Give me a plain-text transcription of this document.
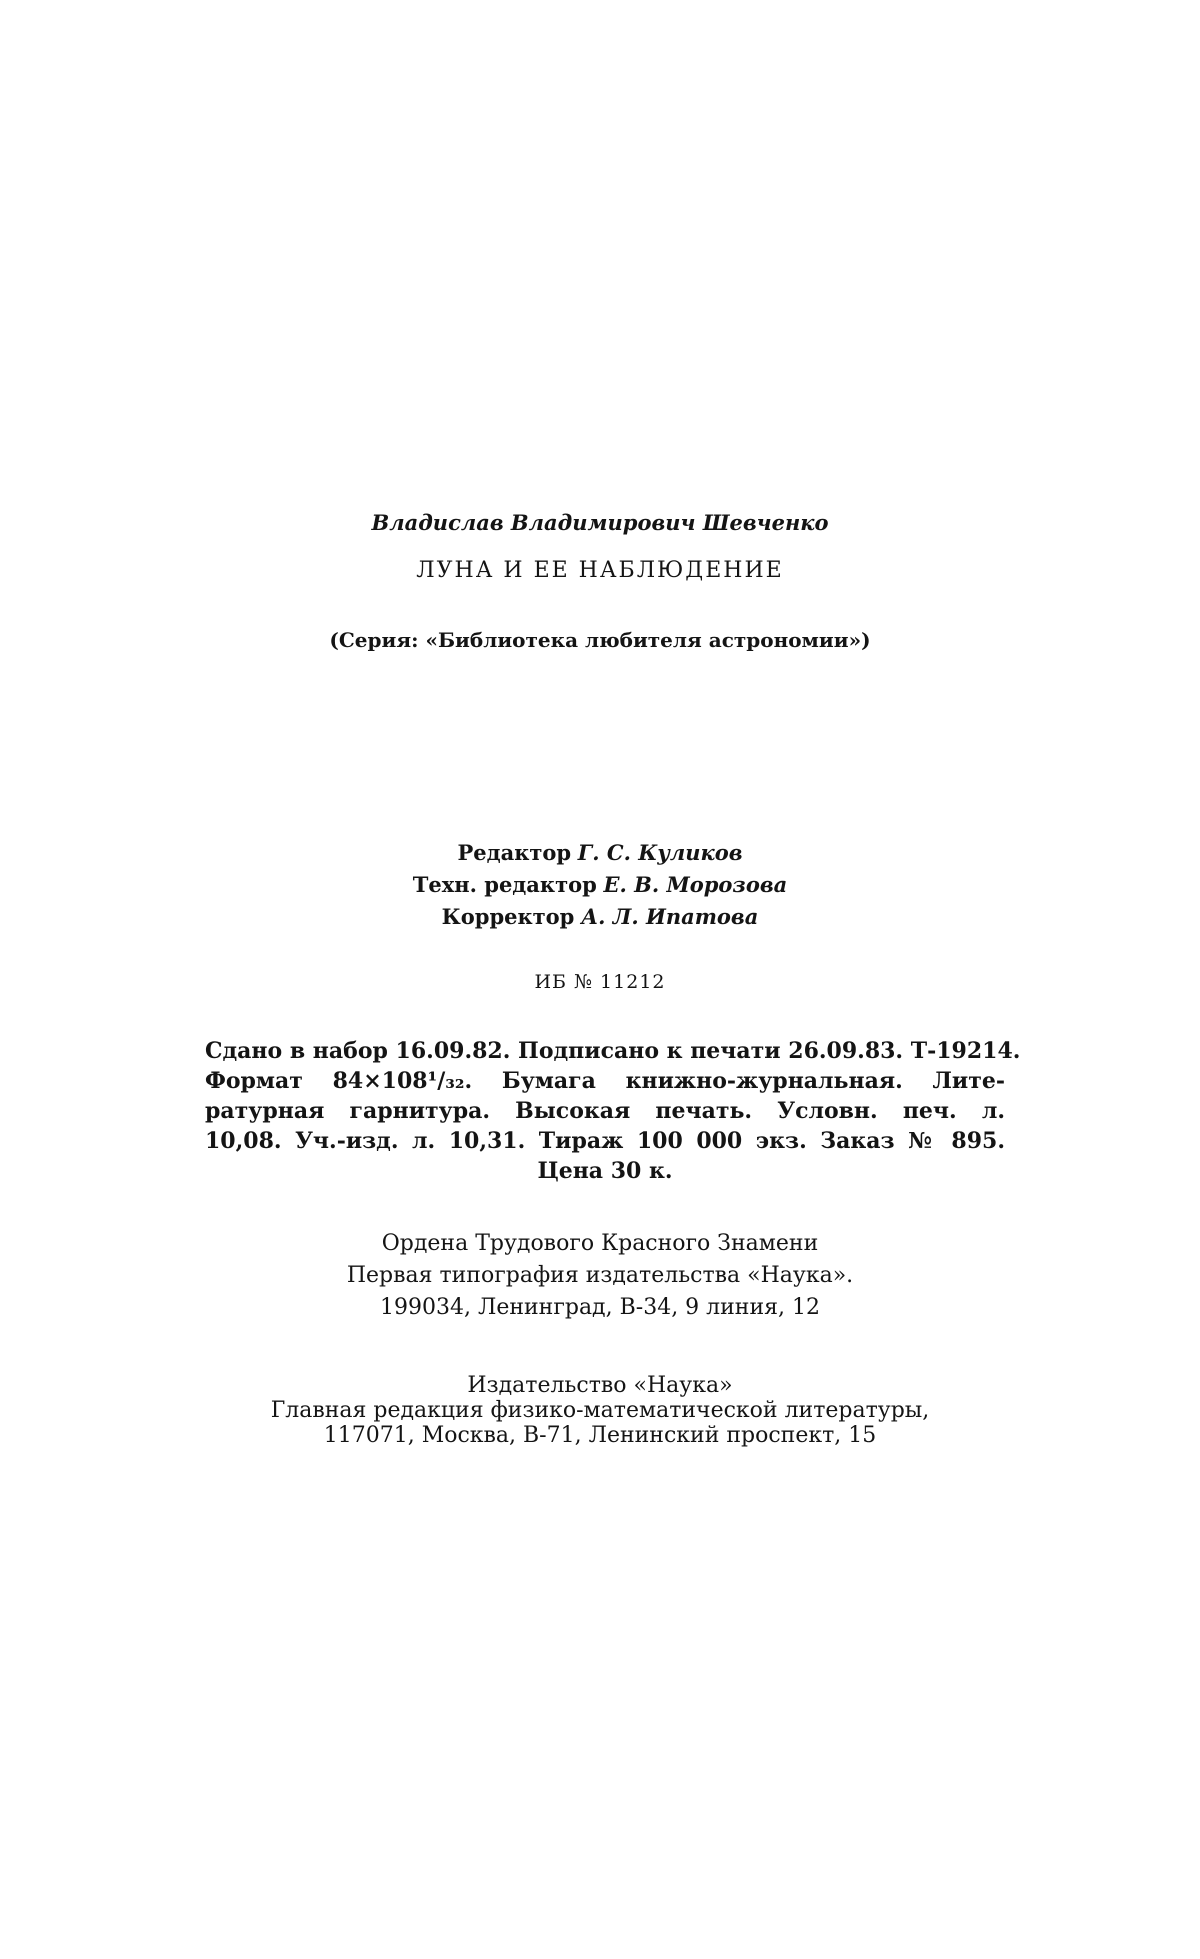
Владислав Владимирович Шевченко
ЛУНА И ЕЕ НАБЛЮДЕНИЕ
(Серия: «Библиотека любителя астрономии»)
Редактор Г. С. Куликов
Техн. редактор Е. В. Морозова
Корректор А. Л. Ипатова
ИБ № 11212
Сдано в набор 16.09.82. Подписано к печати 26.09.83. Т-19214.
Формат 84×108¹/₃₂. Бумага книжно-журнальная. Лите-
ратурная гарнитура. Высокая печать. Условн. печ. л.
10,08. Уч.-изд. л. 10,31. Тираж 100 000 экз. Заказ № 895.
Цена 30 к.
Ордена Трудового Красного Знамени
Первая типография издательства «Наука».
199034, Ленинград, В-34, 9 линия, 12
Издательство «Наука»
Главная редакция физико-математической литературы,
117071, Москва, В-71, Ленинский проспект, 15
